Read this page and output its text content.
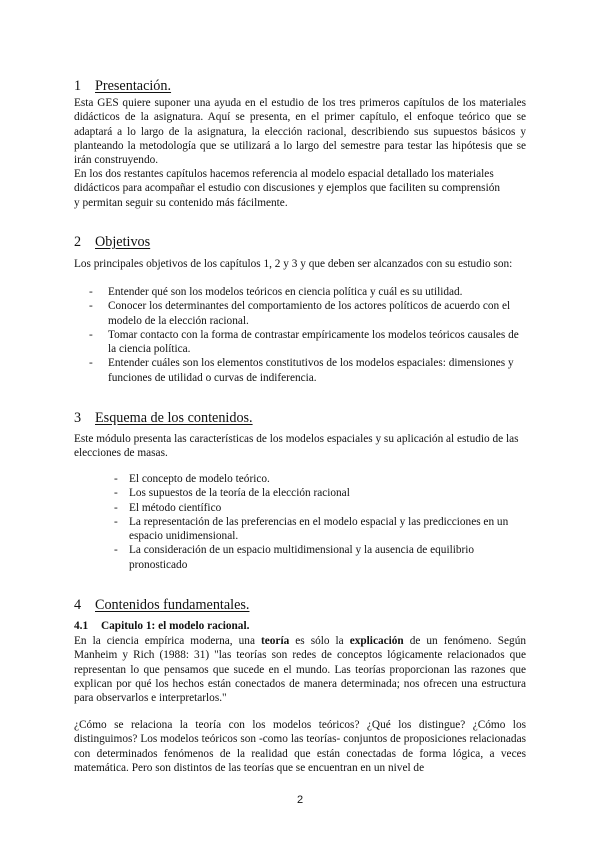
1 Presentación.
Esta GES quiere suponer una ayuda en el estudio de los tres primeros capítulos de los materiales didácticos de la asignatura. Aquí se presenta, en el primer capítulo, el enfoque teórico que se adaptará a lo largo de la asignatura, la elección racional, describiendo sus supuestos básicos y planteando la metodología que se utilizará a lo largo del semestre para testar las hipótesis que se irán construyendo.
En los dos restantes capítulos hacemos referencia al modelo espacial detallado los materiales
didácticos para acompañar el estudio con discusiones y ejemplos que faciliten su comprensión
y permitan seguir su contenido más fácilmente.
2 Objetivos
Los principales objetivos de los capítulos 1, 2 y 3 y que deben ser alcanzados con su estudio son:
- Entender qué son los modelos teóricos en ciencia política y cuál es su utilidad.
- Conocer los determinantes del comportamiento de los actores políticos de acuerdo con el modelo de la elección racional.
- Tomar contacto con la forma de contrastar empíricamente los modelos teóricos causales de la ciencia política.
- Entender cuáles son los elementos constitutivos de los modelos espaciales: dimensiones y funciones de utilidad o curvas de indiferencia.
3 Esquema de los contenidos.
Este módulo presenta las características de los modelos espaciales y su aplicación al estudio de las elecciones de masas.
- El concepto de modelo teórico.
- Los supuestos de la teoría de la elección racional
- El método científico
- La representación de las preferencias en el modelo espacial y las predicciones en un espacio unidimensional.
- La consideración de un espacio multidimensional y la ausencia de equilibrio pronosticado
4 Contenidos fundamentales.
4.1 Capitulo 1: el modelo racional.
En la ciencia empírica moderna, una teoría es sólo la explicación de un fenómeno. Según Manheim y Rich (1988: 31) "las teorías son redes de conceptos lógicamente relacionados que representan lo que pensamos que sucede en el mundo. Las teorías proporcionan las razones que explican por qué los hechos están conectados de manera determinada; nos ofrecen una estructura para observarlos e interpretarlos."
¿Cómo se relaciona la teoría con los modelos teóricos? ¿Qué los distingue? ¿Cómo los distinguimos? Los modelos teóricos son -como las teorías- conjuntos de proposiciones relacionadas con determinados fenómenos de la realidad que están conectadas de forma lógica, a veces matemática. Pero son distintos de las teorías que se encuentran en un nivel de
2
